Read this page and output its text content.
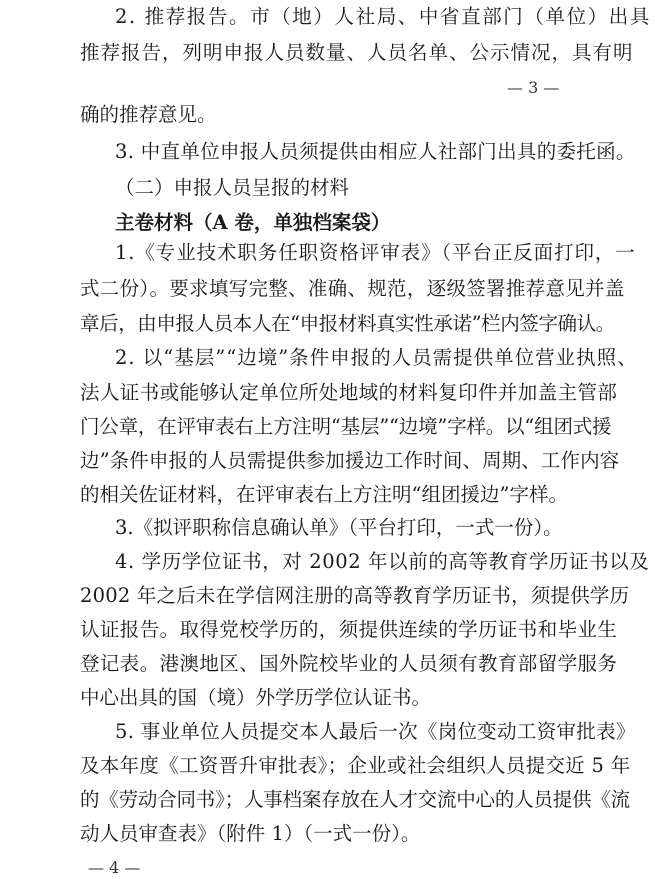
2. 推荐报告。市（地）人社局、中省直部门（单位）出具
推荐报告，列明申报人员数量、人员名单、公示情况，具有明
— 3 —
确的推荐意见。
3. 中直单位申报人员须提供由相应人社部门出具的委托函。
（二）申报人员呈报的材料
主卷材料（A 卷，单独档案袋）
1.《专业技术职务任职资格评审表》（平台正反面打印，一
式二份）。要求填写完整、准确、规范，逐级签署推荐意见并盖
章后，由申报人员本人在“申报材料真实性承诺”栏内签字确认。
2. 以“基层”“边境”条件申报的人员需提供单位营业执照、
法人证书或能够认定单位所处地域的材料复印件并加盖主管部
门公章，在评审表右上方注明“基层”“边境”字样。以“组团式援
边”条件申报的人员需提供参加援边工作时间、周期、工作内容
的相关佐证材料，在评审表右上方注明“组团援边”字样。
3.《拟评职称信息确认单》（平台打印，一式一份）。
4. 学历学位证书，对 2002 年以前的高等教育学历证书以及
2002 年之后未在学信网注册的高等教育学历证书，须提供学历
认证报告。取得党校学历的，须提供连续的学历证书和毕业生
登记表。港澳地区、国外院校毕业的人员须有教育部留学服务
中心出具的国（境）外学历学位认证书。
5. 事业单位人员提交本人最后一次《岗位变动工资审批表》
及本年度《工资晋升审批表》；企业或社会组织人员提交近 5 年
的《劳动合同书》；人事档案存放在人才交流中心的人员提供《流
动人员审查表》（附件 1）（一式一份）。
— 4 —
